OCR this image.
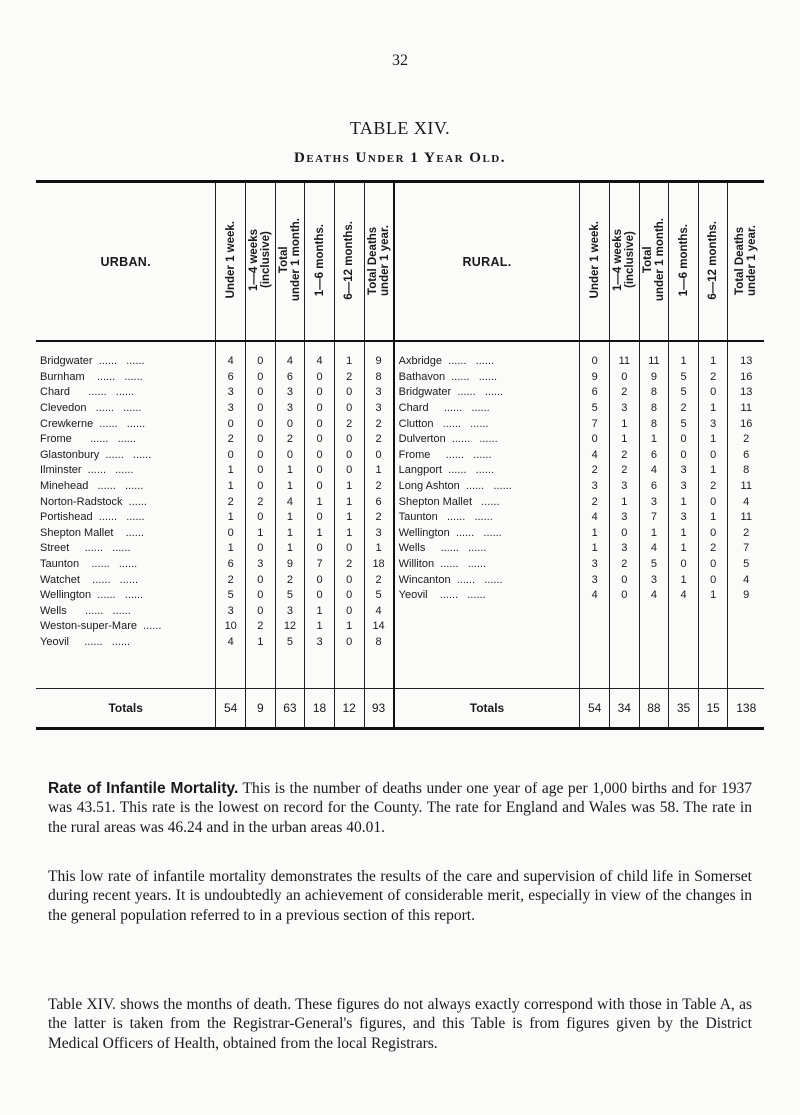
32
TABLE XIV.
Deaths Under 1 Year Old.
URBAN.	Under 1 week.	1—4 weeks
(inclusive)	Total
under 1 month.	1—6 months.	6—12 months.	Total Deaths
under 1 year.	RURAL.	Under 1 week.	1—4 weeks
(inclusive)	Total
under 1 month.	1—6 months.	6—12 months.	Total Deaths
under 1 year.

Bridgwater  ......   ......	4	0	4	4	1	9	Axbridge  ......   ......	0	11	11	1	1	13
Burnham    ......   ......	6	0	6	0	2	8	Bathavon  ......   ......	9	0	9	5	2	16
Chard      ......   ......	3	0	3	0	0	3	Bridgwater  ......   ......	6	2	8	5	0	13
Clevedon   ......   ......	3	0	3	0	0	3	Chard     ......   ......	5	3	8	2	1	11
Crewkerne  ......   ......	0	0	0	0	2	2	Clutton   ......   ......	7	1	8	5	3	16
Frome      ......   ......	2	0	2	0	0	2	Dulverton  ......   ......	0	1	1	0	1	2
Glastonbury  ......   ......	0	0	0	0	0	0	Frome     ......   ......	4	2	6	0	0	6
Ilminster  ......   ......	1	0	1	0	0	1	Langport  ......   ......	2	2	4	3	1	8
Minehead   ......   ......	1	0	1	0	1	2	Long Ashton  ......   ......	3	3	6	3	2	11
Norton-Radstock  ......	2	2	4	1	1	6	Shepton Mallet   ......	2	1	3	1	0	4
Portishead  ......   ......	1	0	1	0	1	2	Taunton   ......   ......	4	3	7	3	1	11
Shepton Mallet    ......	0	1	1	1	1	3	Wellington  ......   ......	1	0	1	1	0	2
Street     ......   ......	1	0	1	0	0	1	Wells     ......   ......	1	3	4	1	2	7
Taunton    ......   ......	6	3	9	7	2	18	Williton  ......   ......	3	2	5	0	0	5
Watchet    ......   ......	2	0	2	0	0	2	Wincanton  ......   ......	3	0	3	1	0	4
Wellington  ......   ......	5	0	5	0	0	5	Yeovil    ......   ......	4	0	4	4	1	9
Wells      ......   ......	3	0	3	1	0	4							
Weston-super-Mare  ......	10	2	12	1	1	14							
Yeovil     ......   ......	4	1	5	3	0	8							

Totals	54	9	63	18	12	93	Totals	54	34	88	35	15	138

Rate of Infantile Mortality. This is the number of deaths under one year of age per 1,000 births and for 1937 was 43.51. This rate is the lowest on record for the County. The rate for England and Wales was 58. The rate in the rural areas was 46.24 and in the urban areas 40.01.

This low rate of infantile mortality demonstrates the results of the care and supervision of child life in Somerset during recent years. It is undoubtedly an achievement of considerable merit, especially in view of the changes in the general population referred to in a previous section of this report.

Table XIV. shows the months of death. These figures do not always exactly correspond with those in Table A, as the latter is taken from the Registrar-General's figures, and this Table is from figures given by the District Medical Officers of Health, obtained from the local Registrars.
